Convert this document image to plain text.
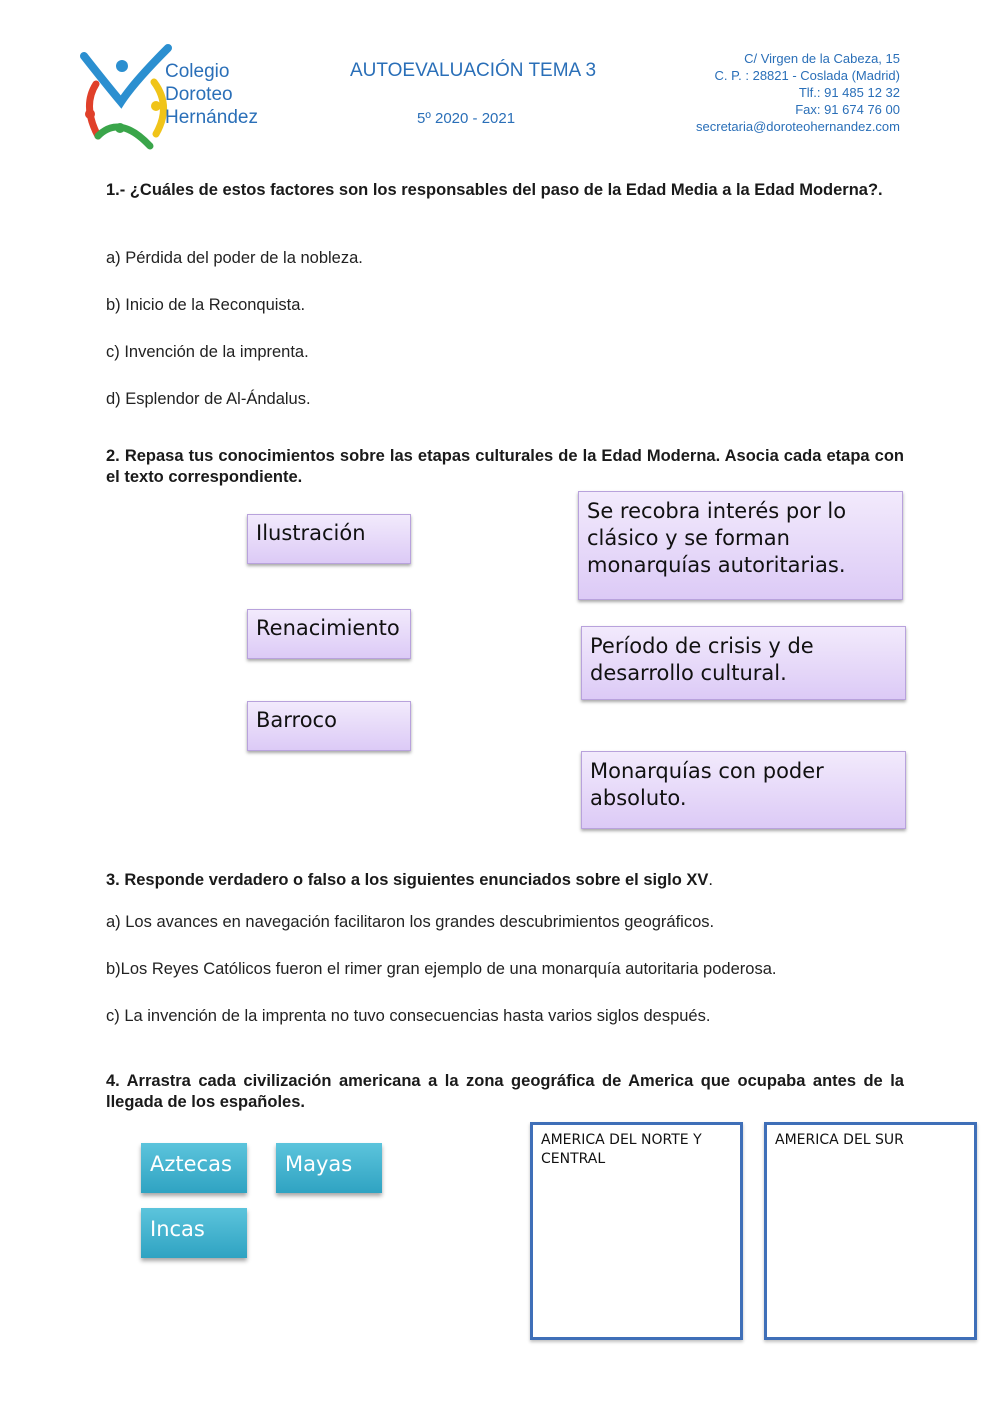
Colegio
Doroteo
Hernández
AUTOEVALUACIÓN TEMA 3
5º 2020 - 2021
C/ Virgen de la Cabeza, 15
C. P. : 28821 - Coslada (Madrid)
Tlf.: 91 485 12 32
Fax: 91 674 76 00
secretaria@doroteohernandez.com
1.- ¿Cuáles de estos factores son los responsables del paso de la Edad Media a la Edad Moderna?.
a) Pérdida del poder de la nobleza.
b) Inicio de la Reconquista.
c) Invención de la imprenta.
d) Esplendor de Al-Ándalus.
2. Repasa tus conocimientos sobre las etapas culturales de la Edad Moderna. Asocia cada etapa con el texto correspondiente.
Ilustración
Renacimiento
Barroco
Se recobra interés por lo clásico y se forman monarquías autoritarias.
Período de crisis y de desarrollo cultural.
Monarquías con poder absoluto.
3. Responde verdadero o falso a los siguientes enunciados sobre el siglo XV.
a) Los avances en navegación facilitaron los grandes descubrimientos geográficos.
b)Los Reyes Católicos fueron el rimer gran ejemplo de una monarquía autoritaria poderosa.
c) La invención de la imprenta no tuvo consecuencias hasta varios siglos después.
4. Arrastra cada civilización americana a la zona geográfica de America que ocupaba antes de la llegada de los españoles.
Aztecas	Mayas
Incas
AMERICA DEL NORTE Y CENTRAL
AMERICA DEL SUR
